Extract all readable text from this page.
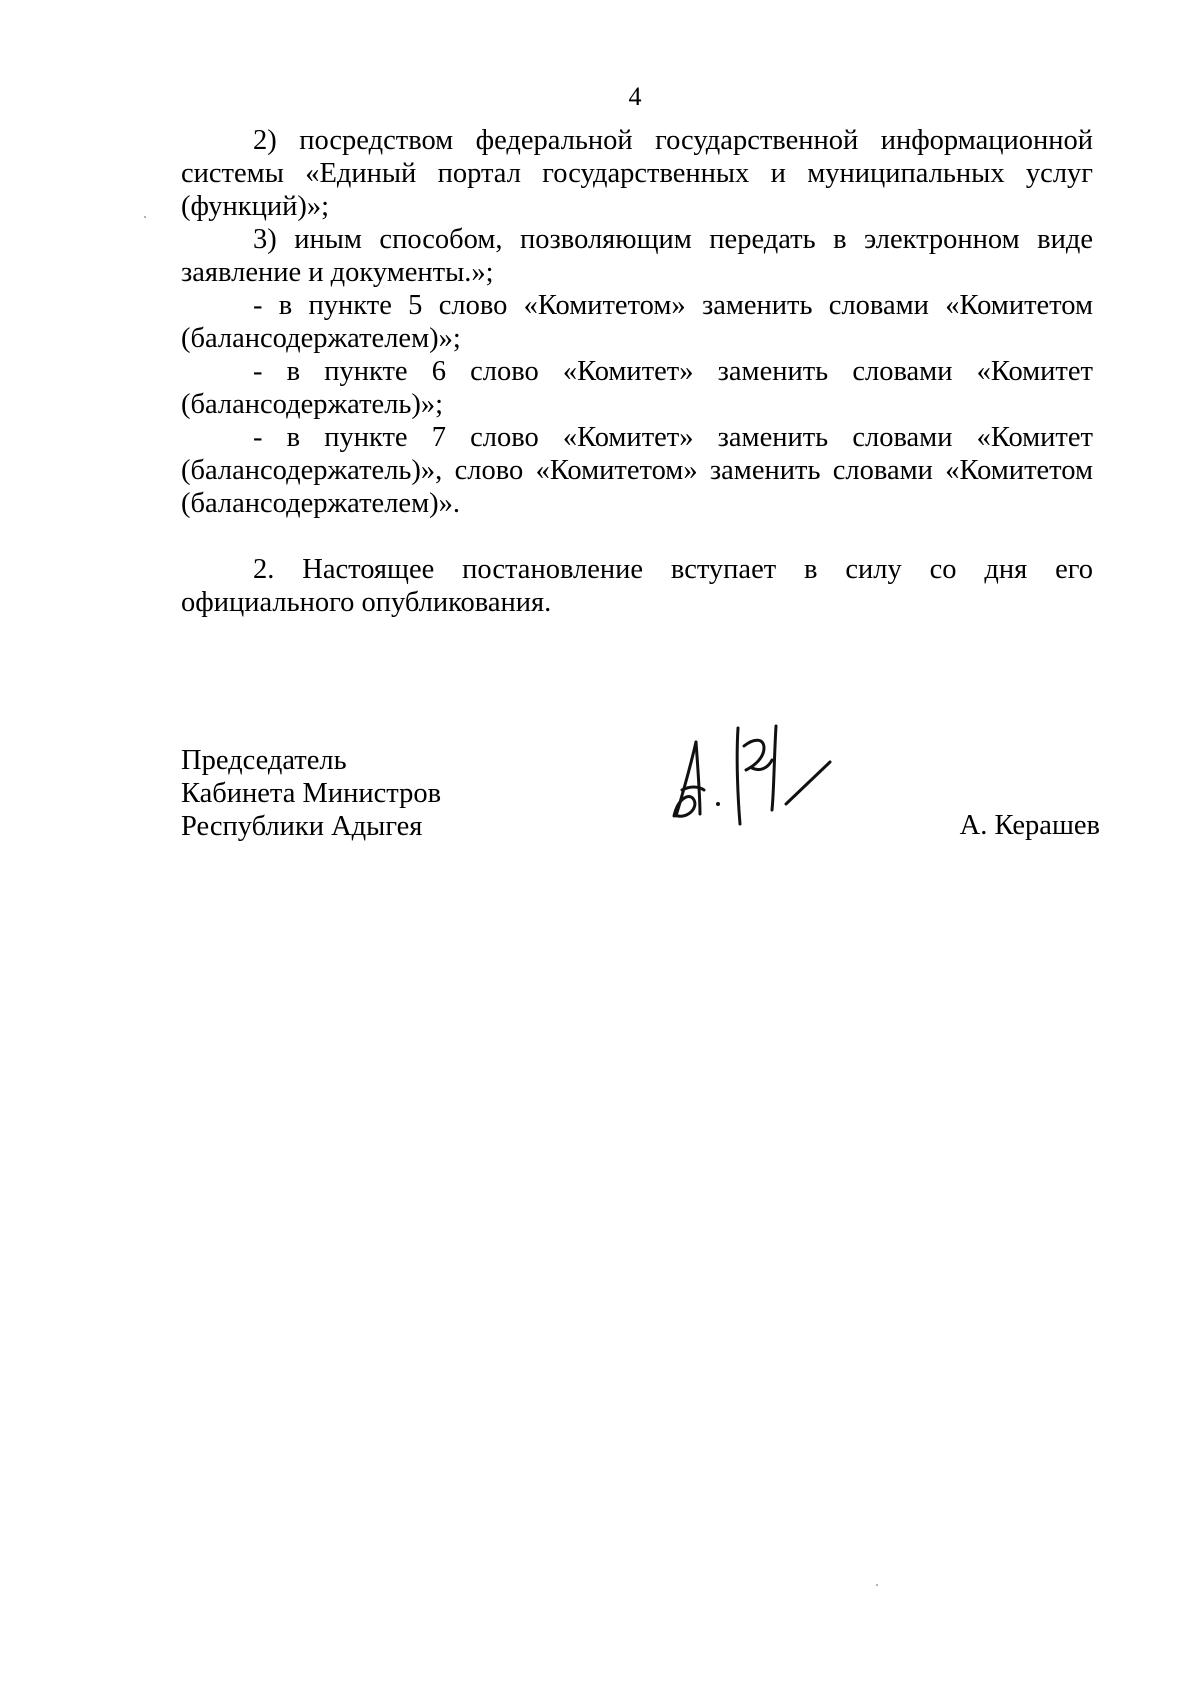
4

2) посредством федеральной государственной информационной системы «Единый портал государственных и муниципальных услуг (функций)»;

3) иным способом, позволяющим передать в электронном виде заявление и документы.»;

- в пункте 5 слово «Комитетом» заменить словами «Комитетом (балансодержателем)»;

- в пункте 6 слово «Комитет» заменить словами «Комитет (балансодержатель)»;

- в пункте 7 слово «Комитет» заменить словами «Комитет (балансодержатель)», слово «Комитетом» заменить словами «Комитетом (балансодержателем)».

2. Настоящее постановление вступает в силу со дня его официального опубликования.

Председатель
Кабинета Министров
Республики Адыгея	А. Керашев
